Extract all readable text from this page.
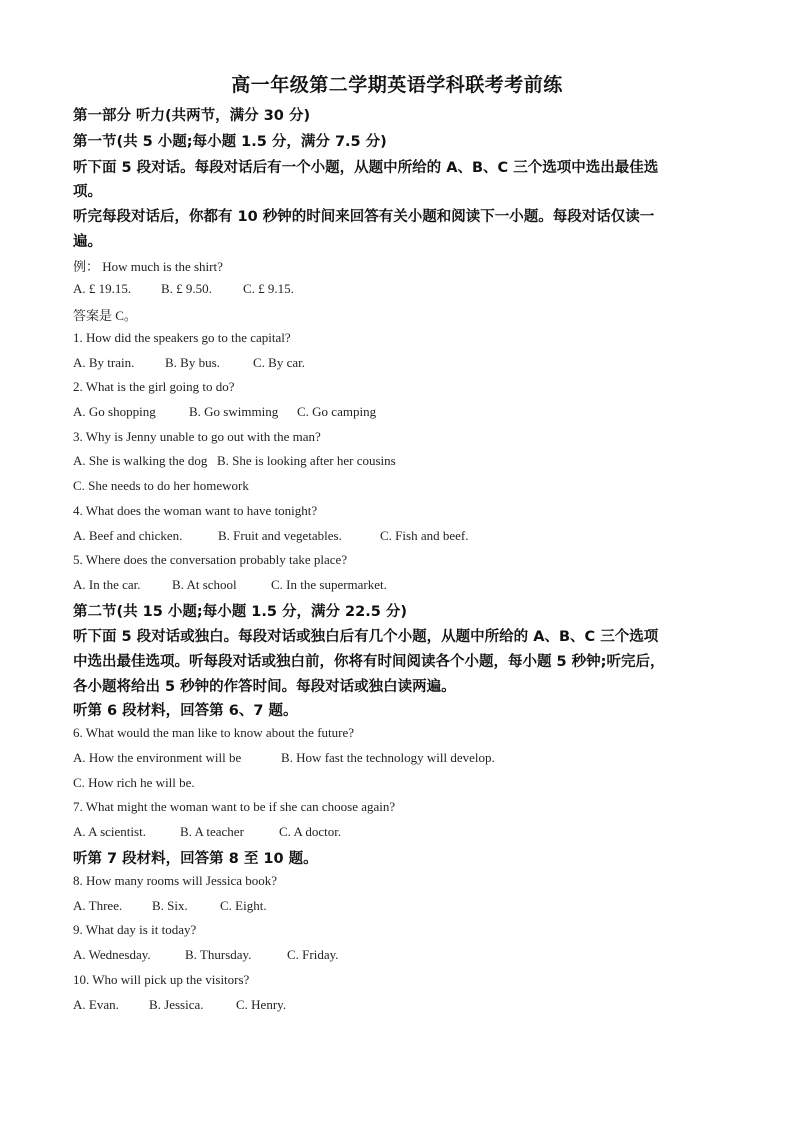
高一年级第二学期英语学科联考考前练
第一部分 听力(共两节，满分 30 分)
第一节(共 5 小题;每小题 1.5 分，满分 7.5 分)
听下面 5 段对话。每段对话后有一个小题，从题中所给的 A、B、C 三个选项中选出最佳选
项。
听完每段对话后，你都有 10 秒钟的时间来回答有关小题和阅读下一小题。每段对话仅读一
遍。
例： How much is the shirt?
A. £ 19.15. B. £ 9.50. C. £ 9.15.
答案是 C。
1. How did the speakers go to the capital?
A. By train. B. By bus.	C. By car.
2. What is the girl going to do?
A. Go shopping	B. Go swimming C. Go camping
3. Why is Jenny unable to go out with the man?
A. She is walking the dog B. She is looking after her cousins
C. She needs to do her homework
4. What does the woman want to have tonight?
A. Beef and chicken.	B. Fruit and vegetables.	C. Fish and beef.
5. Where does the conversation probably take place?
A. In the car. B. At school	C. In the supermarket.
第二节(共 15 小题;每小题 1.5 分，满分 22.5 分)
听下面 5 段对话或独白。每段对话或独白后有几个小题，从题中所给的 A、B、C 三个选项
中选出最佳选项。听每段对话或独白前，你将有时间阅读各个小题，每小题 5 秒钟;听完后，
各小题将给出 5 秒钟的作答时间。每段对话或独白读两遍。
听第 6 段材料，回答第 6、7 题。
6. What would the man like to know about the future?
A. How the environment will be	B. How fast the technology will develop.
C. How rich he will be.
7. What might the woman want to be if she can choose again?
A. A scientist.	B. A teacher	C. A doctor.
听第 7 段材料，回答第 8 至 10 题。
8. How many rooms will Jessica book?
A. Three. B. Six. C. Eight.
9. What day is it today?
A. Wednesday.	B. Thursday.	C. Friday.
10. Who will pick up the visitors?
A. Evan. B. Jessica. C. Henry.
